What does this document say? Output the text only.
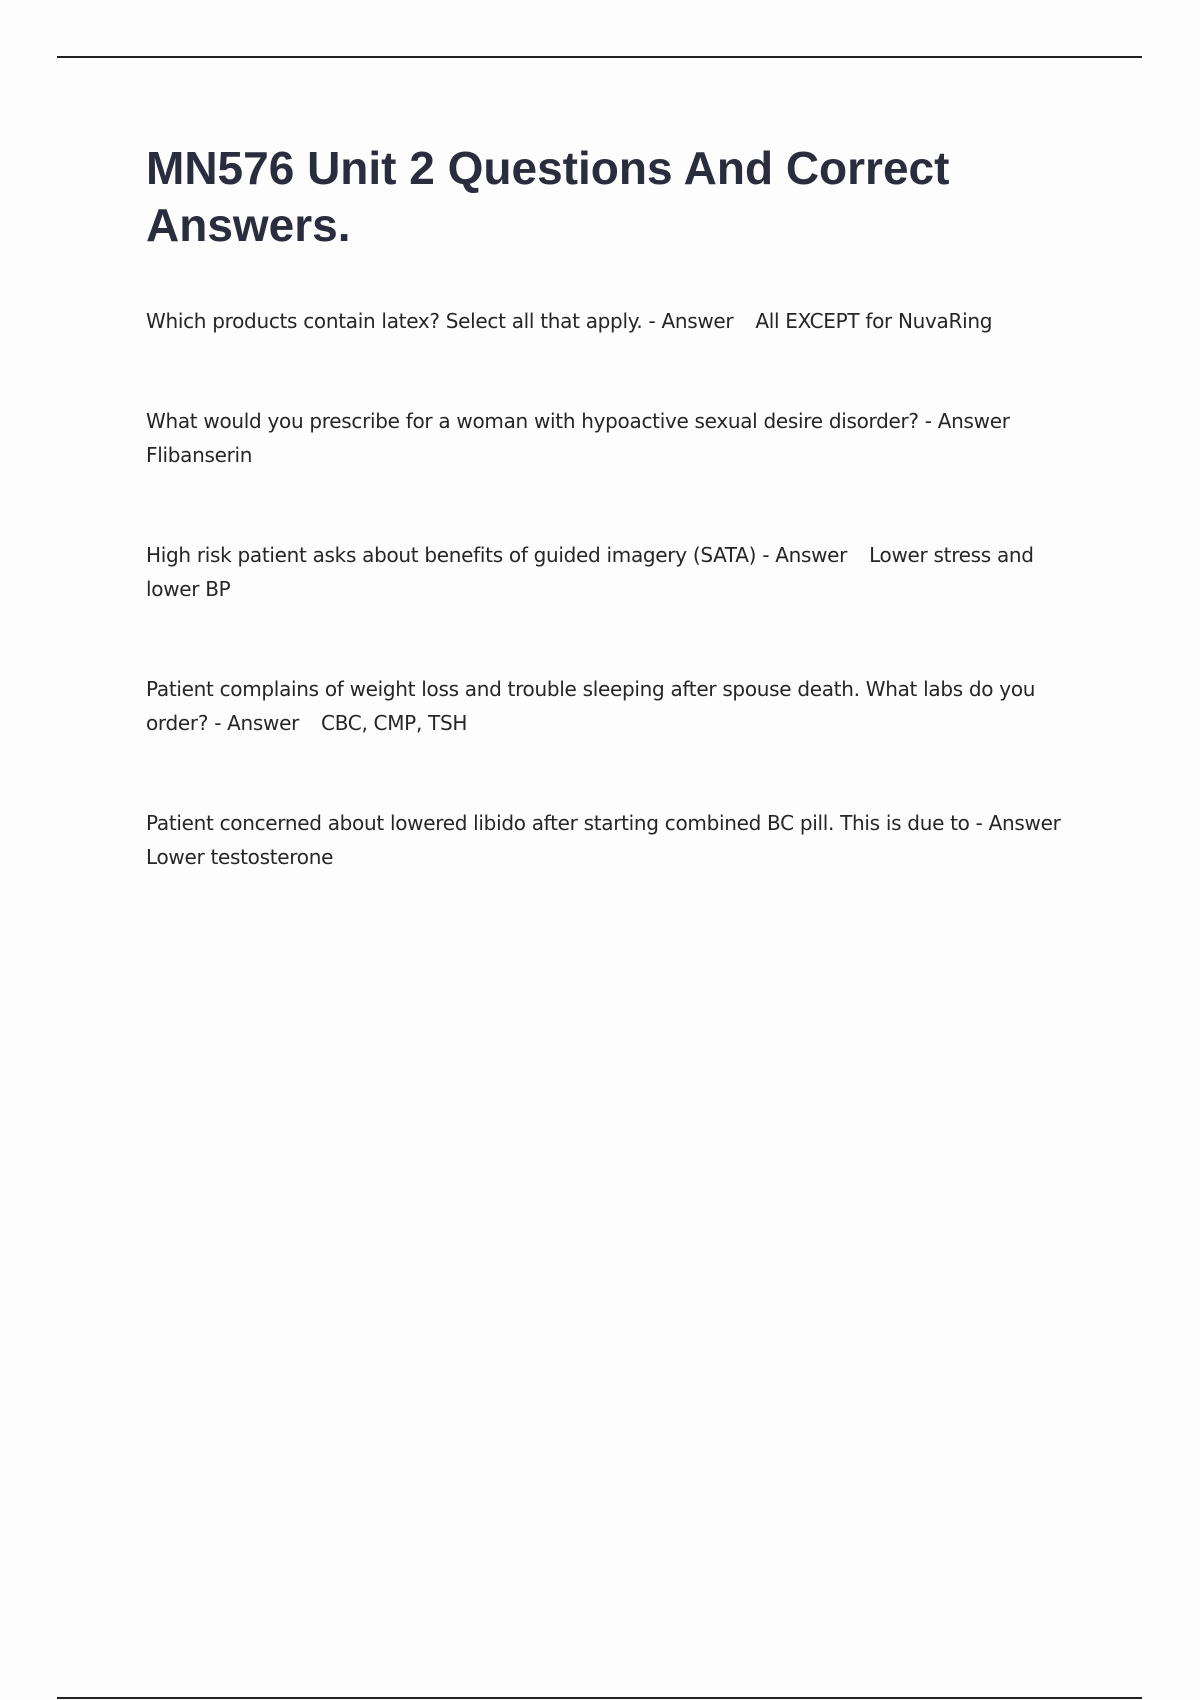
MN576 Unit 2 Questions And Correct Answers.

Which products contain latex? Select all that apply. - Answer All EXCEPT for NuvaRing

What would you prescribe for a woman with hypoactive sexual desire disorder? - Answer Flibanserin

High risk patient asks about benefits of guided imagery (SATA) - Answer Lower stress and lower BP

Patient complains of weight loss and trouble sleeping after spouse death. What labs do you order? - Answer CBC, CMP, TSH

Patient concerned about lowered libido after starting combined BC pill. This is due to - Answer Lower testosterone
